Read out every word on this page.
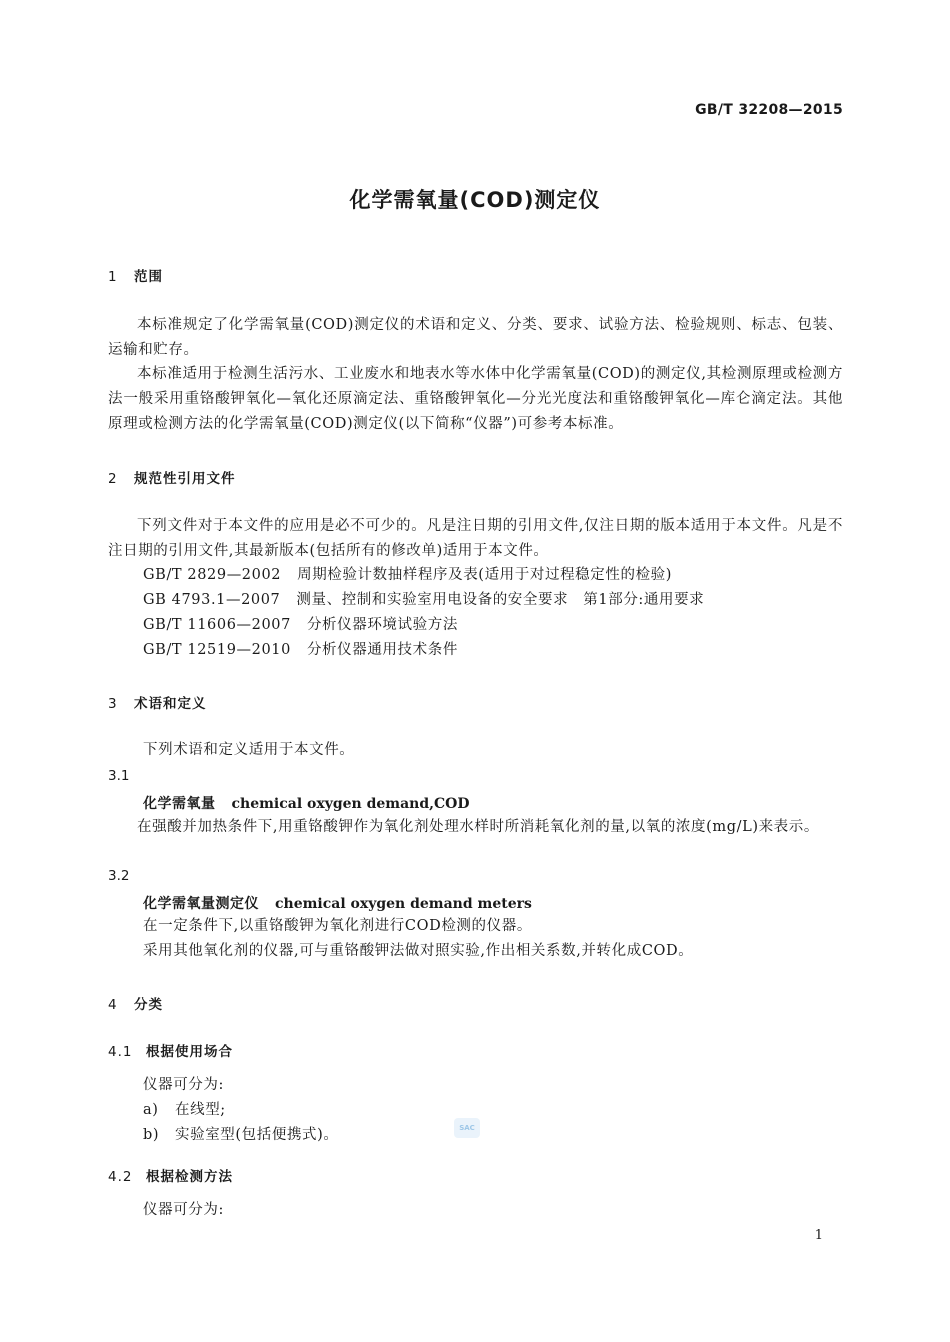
GB/T 32208—2015
化学需氧量(COD)测定仪
1 范围
本标准规定了化学需氧量(COD)测定仪的术语和定义、分类、要求、试验方法、检验规则、标志、包装、运输和贮存。
本标准适用于检测生活污水、工业废水和地表水等水体中化学需氧量(COD)的测定仪,其检测原理或检测方法一般采用重铬酸钾氧化—氧化还原滴定法、重铬酸钾氧化—分光光度法和重铬酸钾氧化—库仑滴定法。其他原理或检测方法的化学需氧量(COD)测定仪(以下简称“仪器”)可参考本标准。
2 规范性引用文件
下列文件对于本文件的应用是必不可少的。凡是注日期的引用文件,仅注日期的版本适用于本文件。凡是不注日期的引用文件,其最新版本(包括所有的修改单)适用于本文件。
GB/T 2829—2002 周期检验计数抽样程序及表(适用于对过程稳定性的检验)
GB 4793.1—2007 测量、控制和实验室用电设备的安全要求　第1部分:通用要求
GB/T 11606—2007 分析仪器环境试验方法
GB/T 12519—2010 分析仪器通用技术条件
3 术语和定义
下列术语和定义适用于本文件。
3.1
化学需氧量 chemical oxygen demand,COD
在强酸并加热条件下,用重铬酸钾作为氧化剂处理水样时所消耗氧化剂的量,以氧的浓度(mg/L)来表示。
3.2
化学需氧量测定仪 chemical oxygen demand meters
在一定条件下,以重铬酸钾为氧化剂进行COD检测的仪器。
采用其他氧化剂的仪器,可与重铬酸钾法做对照实验,作出相关系数,并转化成COD。
4 分类
4.1 根据使用场合
仪器可分为:
a) 在线型;
b) 实验室型(包括便携式)。
4.2 根据检测方法
仪器可分为:
SAC
1
